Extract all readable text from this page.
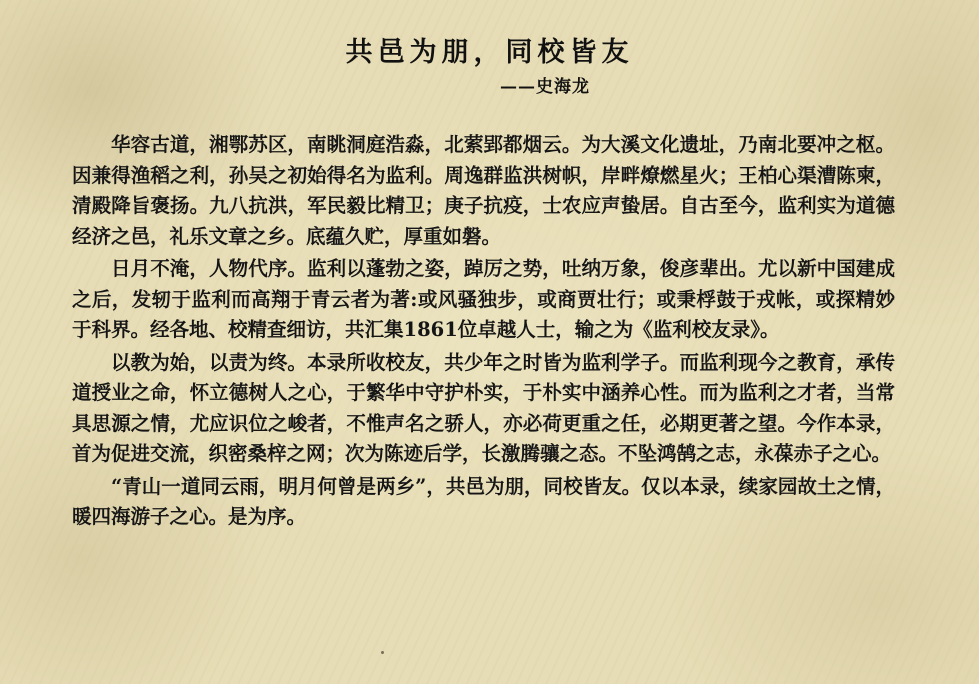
共邑为朋，同校皆友
——史海龙

华容古道，湘鄂苏区，南眺洞庭浩淼，北萦郢都烟云。为大溪文化遗址，乃南北要冲之枢。因兼得渔稻之利，孙吴之初始得名为监利。周逸群监洪树帜，岸畔燎燃星火；王柏心渠漕陈柬，清殿降旨褒扬。九八抗洪，军民毅比精卫；庚子抗疫，士农应声蛰居。自古至今，监利实为道德经济之邑，礼乐文章之乡。底蕴久贮，厚重如磐。

日月不淹，人物代序。监利以蓬勃之姿，踔厉之势，吐纳万象，俊彦辈出。尤以新中国建成之后，发轫于监利而高翔于青云者为著:或风骚独步，或商贾壮行；或秉桴鼓于戎帐，或探精妙于科界。经各地、校精查细访，共汇集1861位卓越人士，输之为《监利校友录》。

以教为始，以责为终。本录所收校友，共少年之时皆为监利学子。而监利现今之教育，承传道授业之命，怀立德树人之心，于繁华中守护朴实，于朴实中涵养心性。而为监利之才者，当常具思源之情，尤应识位之峻者，不惟声名之骄人，亦必荷更重之任，必期更著之望。今作本录，首为促进交流，织密桑梓之网；次为陈迹后学，长激腾骧之态。不坠鸿鹄之志，永葆赤子之心。

“青山一道同云雨，明月何曾是两乡”，共邑为朋，同校皆友。仅以本录，续家园故土之情，暖四海游子之心。是为序。
